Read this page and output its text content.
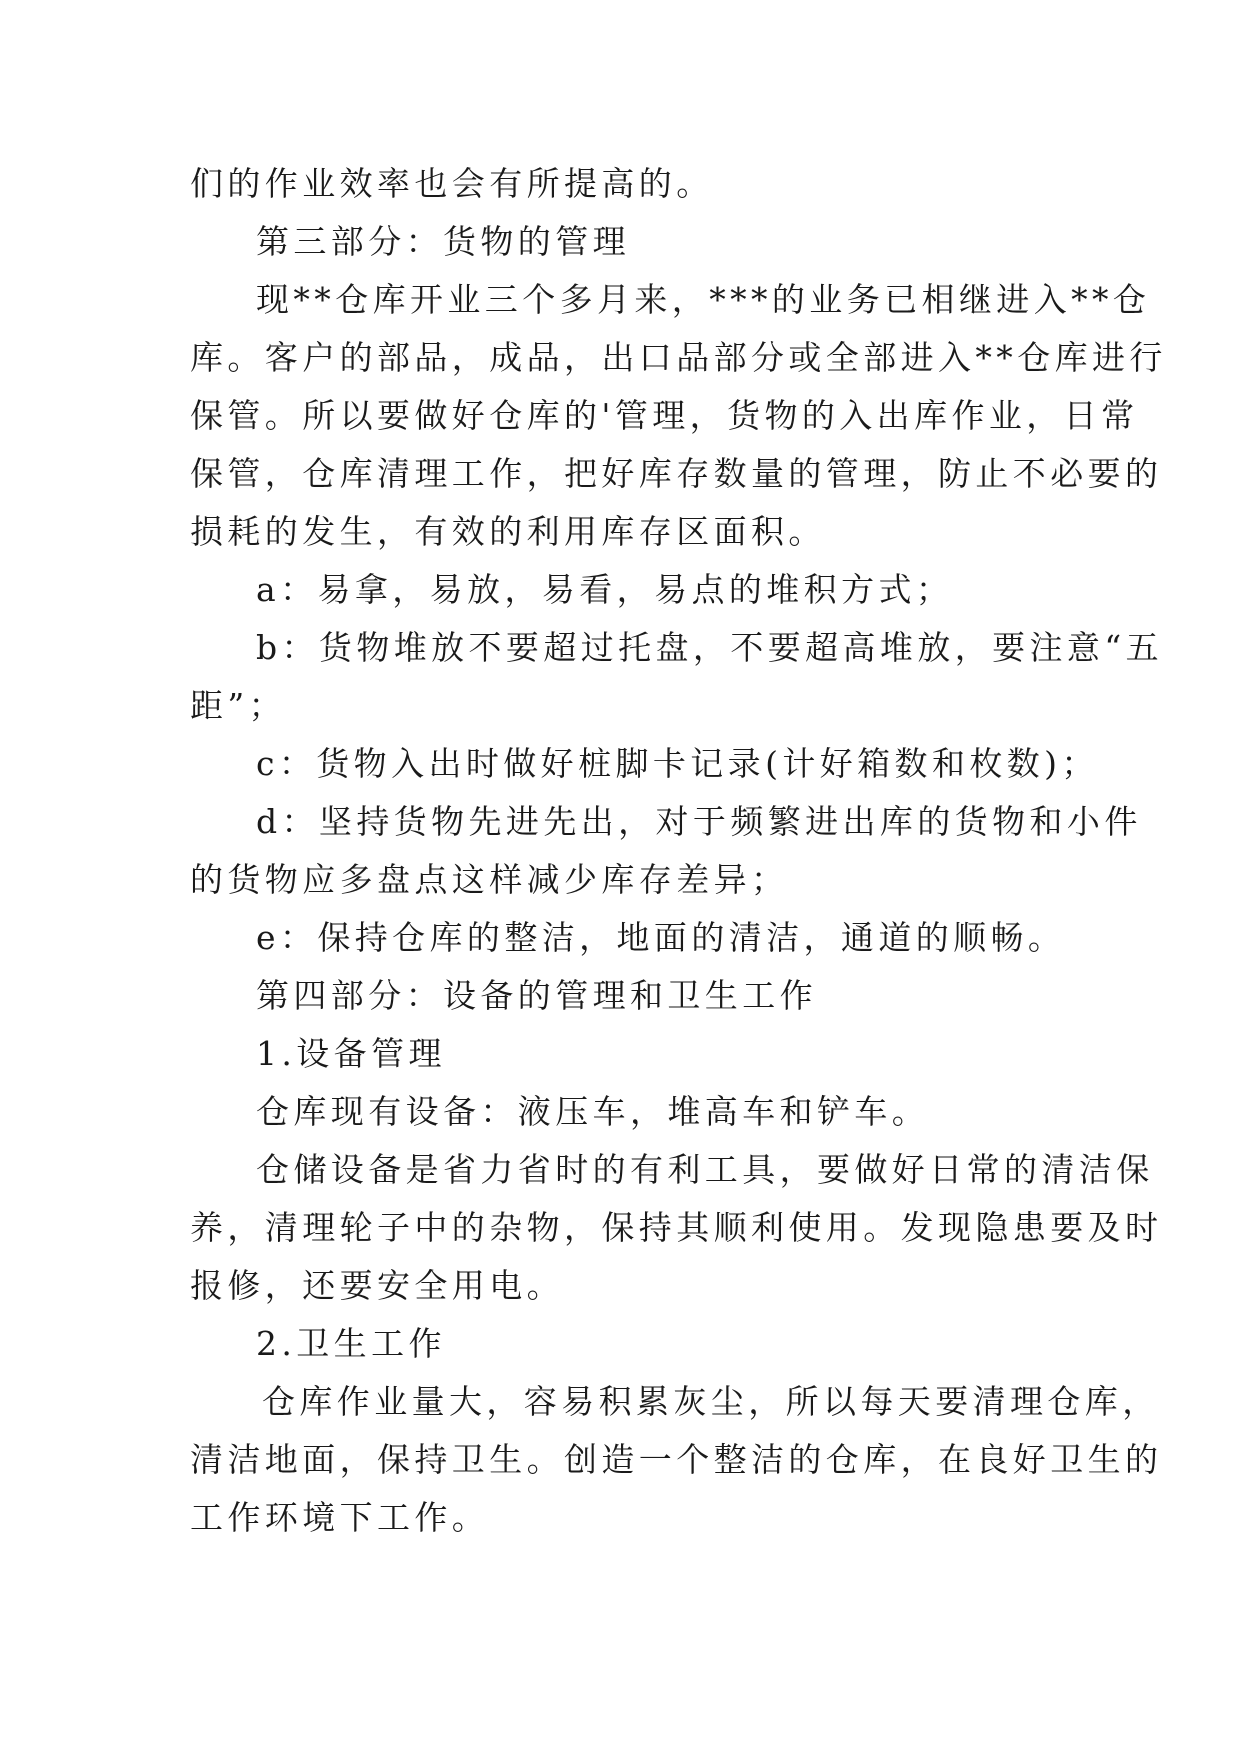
们的作业效率也会有所提高的。
第三部分：货物的管理
现**仓库开业三个多月来，***的业务已相继进入**仓
库。客户的部品，成品，出口品部分或全部进入**仓库进行
保管。所以要做好仓库的'管理，货物的入出库作业，日常
保管，仓库清理工作，把好库存数量的管理，防止不必要的
损耗的发生，有效的利用库存区面积。
a：易拿，易放，易看，易点的堆积方式；
b：货物堆放不要超过托盘，不要超高堆放，要注意“五
距”；
c：货物入出时做好桩脚卡记录(计好箱数和枚数)；
d：坚持货物先进先出，对于频繁进出库的货物和小件
的货物应多盘点这样减少库存差异；
e：保持仓库的整洁，地面的清洁，通道的顺畅。
第四部分：设备的管理和卫生工作
1.设备管理
仓库现有设备：液压车，堆高车和铲车。
仓储设备是省力省时的有利工具，要做好日常的清洁保
养，清理轮子中的杂物，保持其顺利使用。发现隐患要及时
报修，还要安全用电。
2.卫生工作
仓库作业量大，容易积累灰尘，所以每天要清理仓库，
清洁地面，保持卫生。创造一个整洁的仓库，在良好卫生的
工作环境下工作。
